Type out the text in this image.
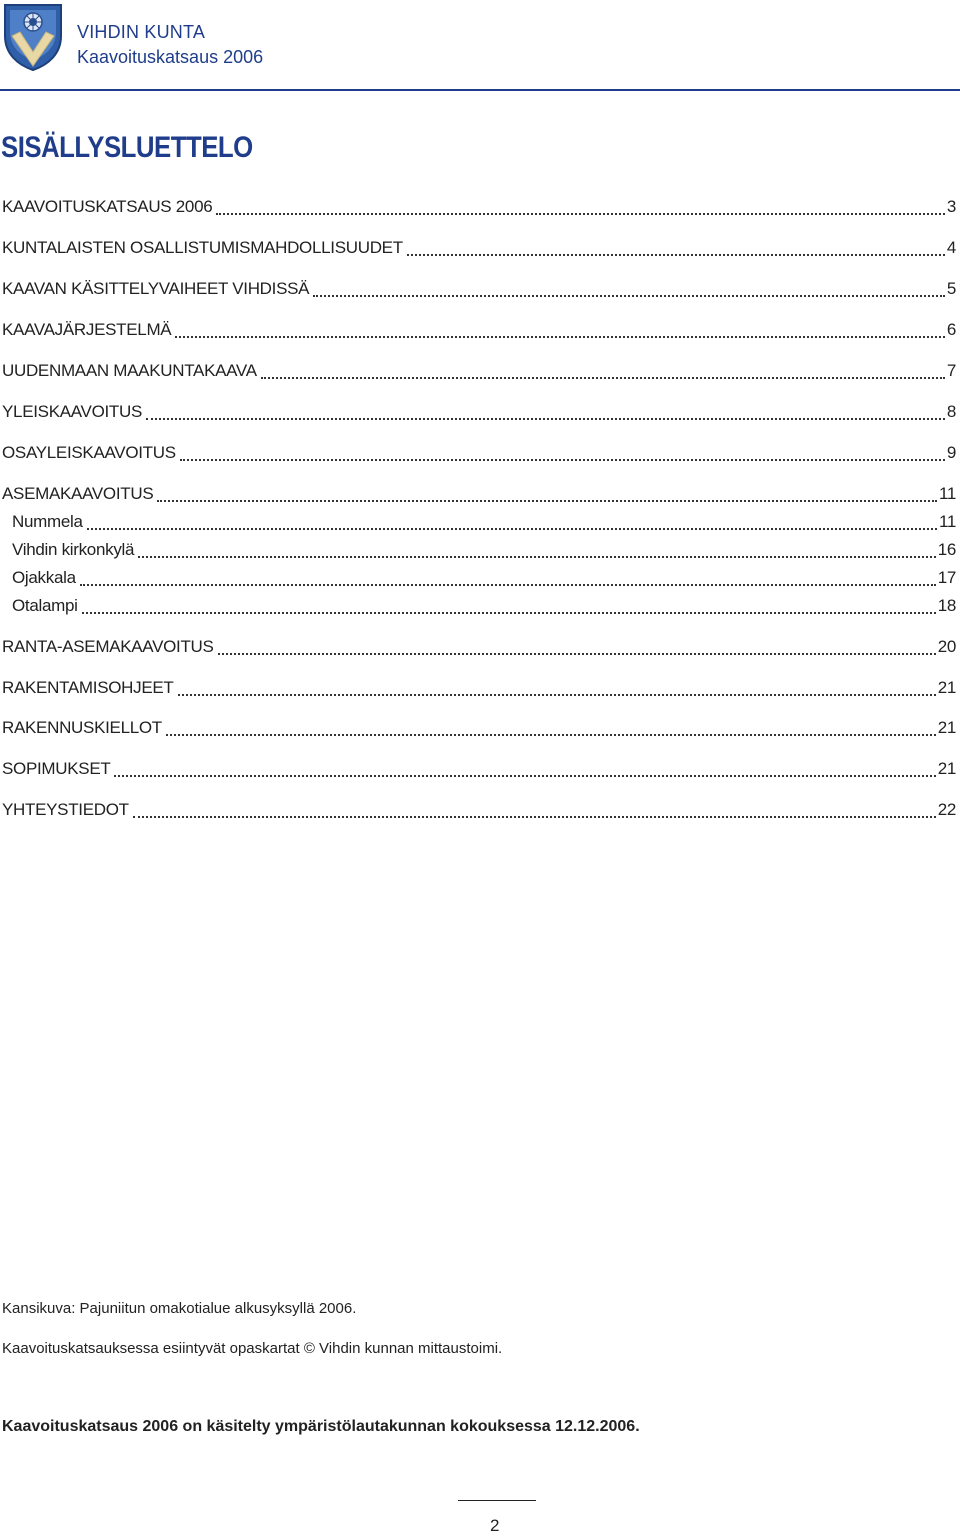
VIHDIN KUNTA
Kaavoituskatsaus 2006
SISÄLLYSLUETTELO
KAAVOITUSKATSAUS 2006	3
KUNTALAISTEN OSALLISTUMISMAHDOLLISUUDET	4
KAAVAN KÄSITTELYVAIHEET VIHDISSÄ	5
KAAVAJÄRJESTELMÄ	6
UUDENMAAN MAAKUNTAKAAVA	7
YLEISKAAVOITUS	8
OSAYLEISKAAVOITUS	9
ASEMAKAAVOITUS	11
Nummela	11
Vihdin kirkonkylä	16
Ojakkala	17
Otalampi	18
RANTA-ASEMAKAAVOITUS	20
RAKENTAMISOHJEET	21
RAKENNUSKIELLOT	21
SOPIMUKSET	21
YHTEYSTIEDOT	22
Kansikuva: Pajuniitun omakotialue alkusyksyllä 2006.
Kaavoituskatsauksessa esiintyvät opaskartat © Vihdin kunnan mittaustoimi.
Kaavoituskatsaus 2006 on käsitelty ympäristölautakunnan kokouksessa 12.12.2006.
2
